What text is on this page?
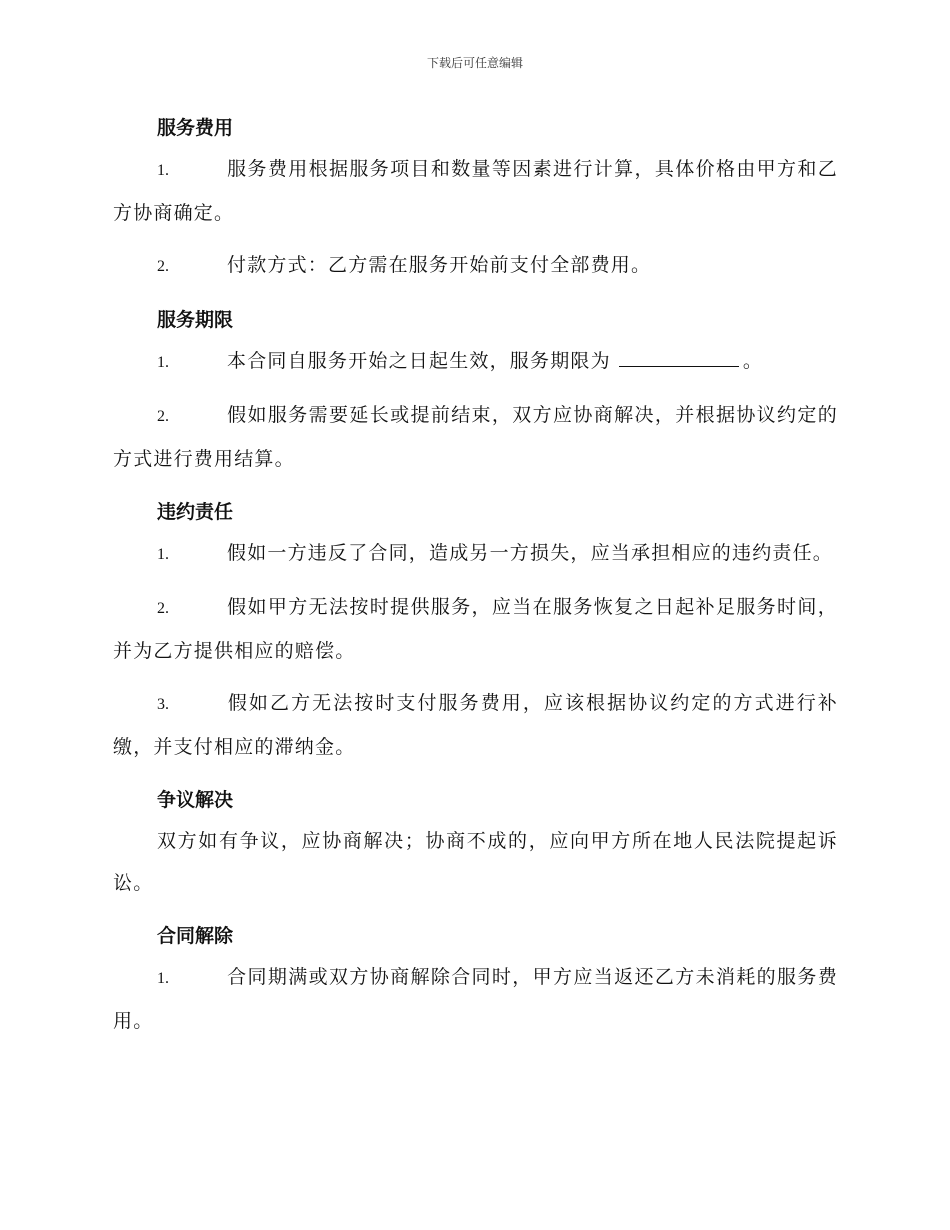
下载后可任意编辑
服务费用

1.	服务费用根据服务项目和数量等因素进行计算，具体价格由甲方和乙方协商确定。

2.	付款方式：乙方需在服务开始前支付全部费用。

服务期限

1.	本合同自服务开始之日起生效，服务期限为	。

2.	假如服务需要延长或提前结束，双方应协商解决，并根据协议约定的方式进行费用结算。

违约责任

1.	假如一方违反了合同，造成另一方损失，应当承担相应的违约责任。

2.	假如甲方无法按时提供服务，应当在服务恢复之日起补足服务时间，并为乙方提供相应的赔偿。

3.	假如乙方无法按时支付服务费用，应该根据协议约定的方式进行补缴，并支付相应的滞纳金。

争议解决

双方如有争议，应协商解决；协商不成的，应向甲方所在地人民法院提起诉讼。

合同解除

1.	合同期满或双方协商解除合同时，甲方应当返还乙方未消耗的服务费用。
